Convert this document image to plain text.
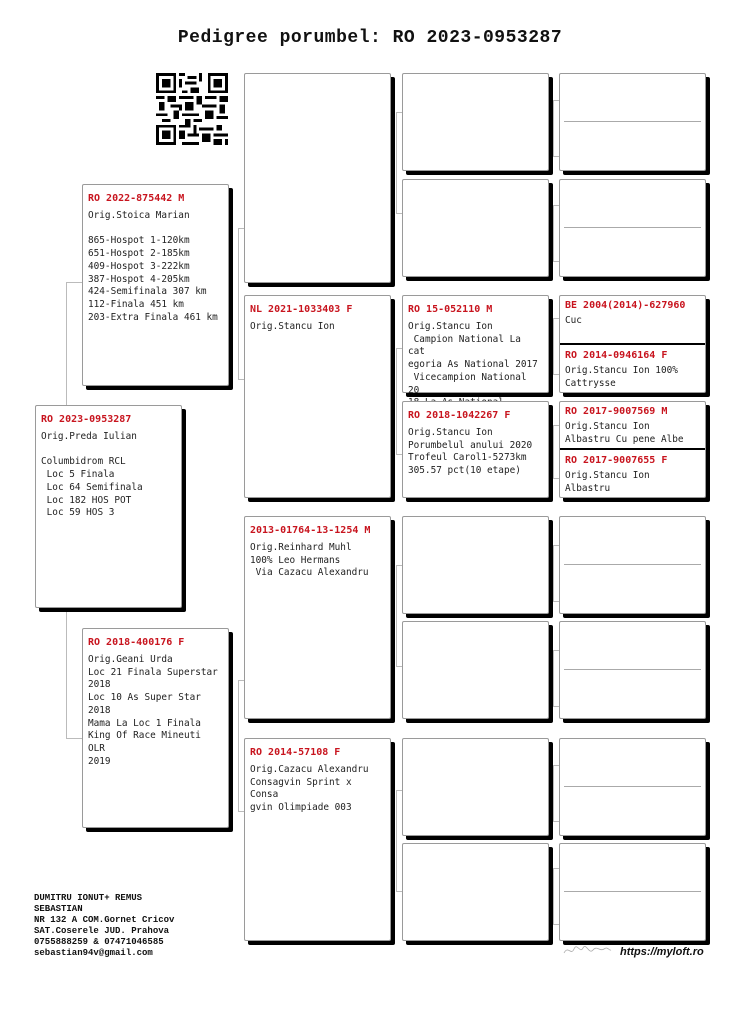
Pedigree porumbel: RO 2023-0953287
RO 2023-0953287
Orig.Preda Iulian

Columbidrom RCL
Loc 5 Finala
Loc 64 Semifinala
Loc 182 HOS POT
Loc 59 HOS 3
RO 2022-875442 M
Orig.Stoica Marian

865-Hospot 1-120km
651-Hospot 2-185km
409-Hospot 3-222km
387-Hospot 4-205km
424-Semifinala 307 km
112-Finala 451 km
203-Extra Finala 461 km
RO 2018-400176 F
Orig.Geani Urda
Loc 21 Finala Superstar
2018
Loc 10 As Super Star
2018
Mama La Loc 1 Finala
King Of Race Mineuti OLR
2019
NL 2021-1033403 F
Orig.Stancu Ion
2013-01764-13-1254 M
Orig.Reinhard Muhl
100% Leo Hermans
Via Cazacu Alexandru
RO 2014-57108 F
Orig.Cazacu Alexandru
Consagvin Sprint x Consa
gvin Olimpiade 003
RO 15-052110 M
Orig.Stancu Ion
Campion National La cat
egoria As National 2017
Vicecampion National 20

RO 2018-1042267 F
Orig.Stancu Ion
Porumbelul anului 2020
Trofeul Carol1-5273km
305.57 pct(10 etape)
BE 2004(2014)-627960
Cuc
RO 2014-0946164 F
Orig.Stancu Ion 100%
Cattrysse
RO 2017-9007569 M
Orig.Stancu Ion
Albastru Cu pene Albe
RO 2017-9007655 F
Orig.Stancu Ion
Albastru
DUMITRU IONUT+ REMUS
SEBASTIAN
NR 132 A COM.Gornet Cricov
SAT.Coserele JUD. Prahova
0755888259 & 07471046585
sebastian94v@gmail.com	https://myloft.ro
